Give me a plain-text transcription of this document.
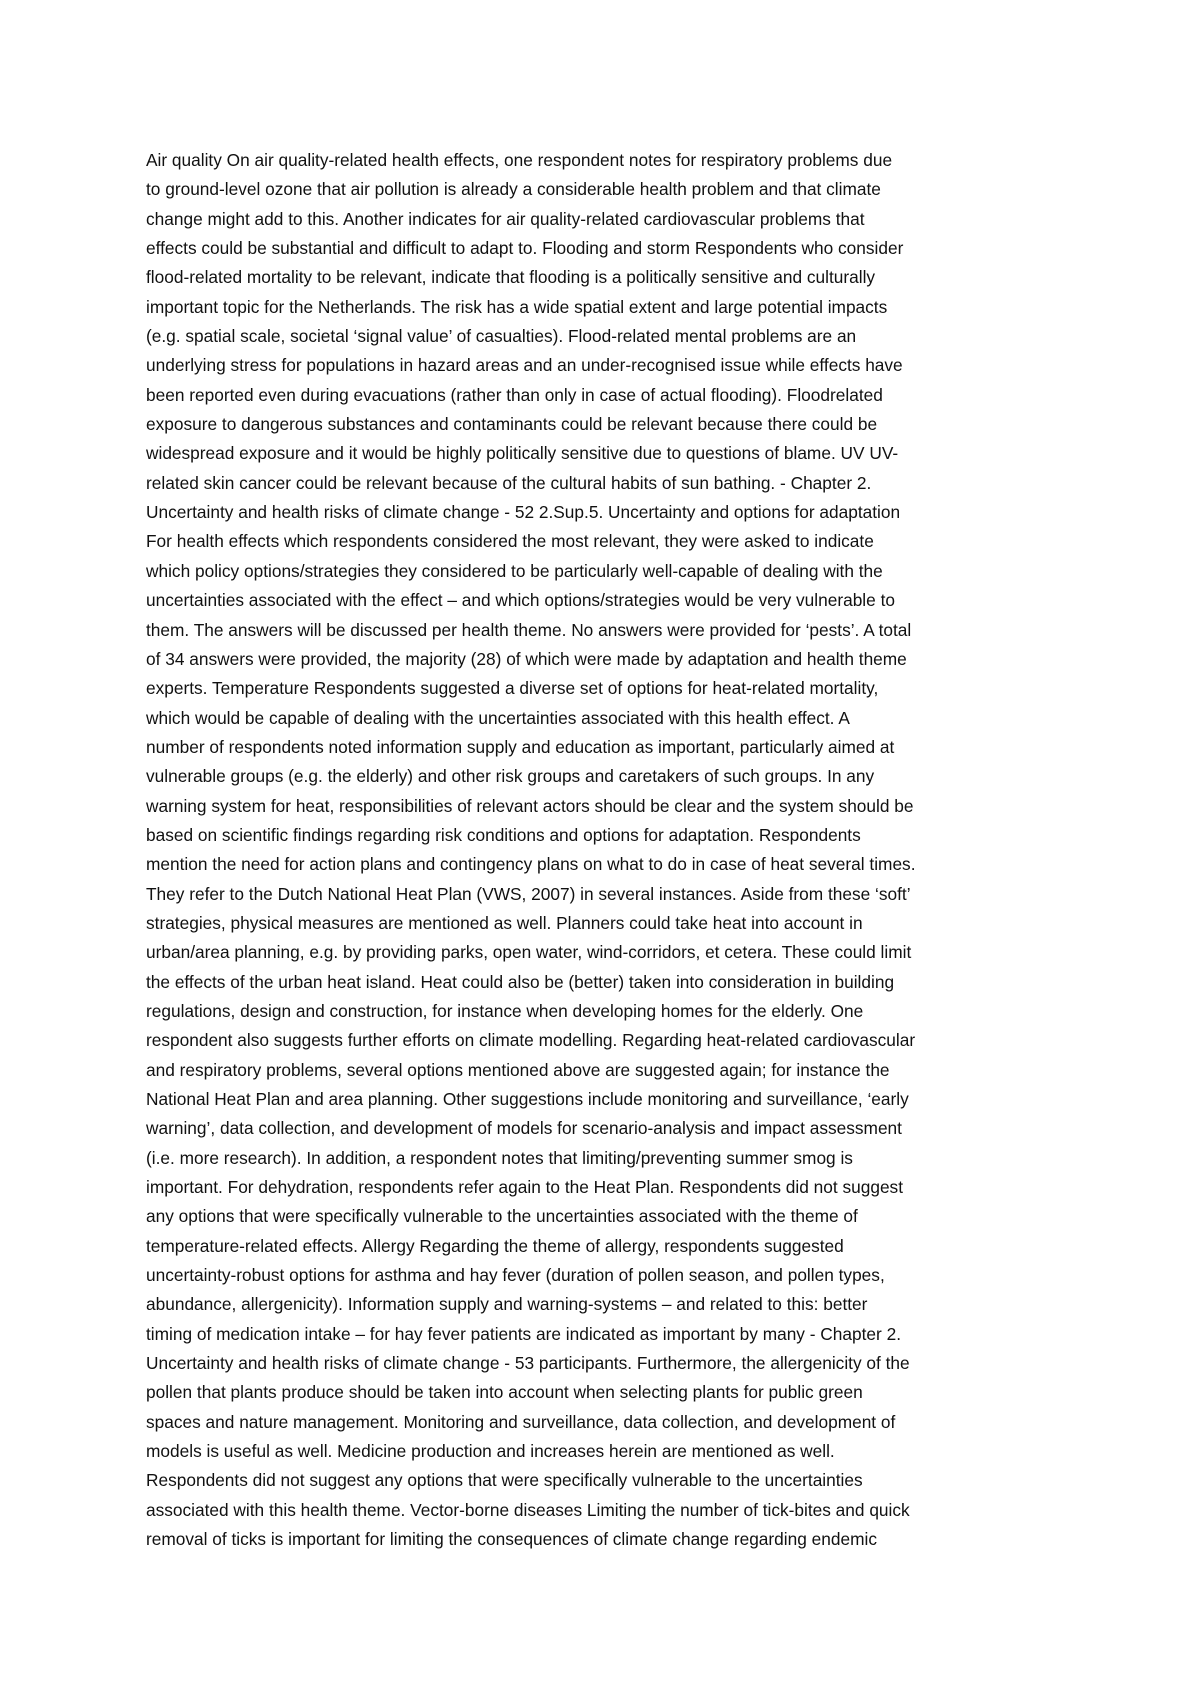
Air quality On air quality-related health effects, one respondent notes for respiratory problems due
to ground-level ozone that air pollution is already a considerable health problem and that climate
change might add to this. Another indicates for air quality-related cardiovascular problems that
effects could be substantial and difficult to adapt to. Flooding and storm Respondents who consider
flood-related mortality to be relevant, indicate that flooding is a politically sensitive and culturally
important topic for the Netherlands. The risk has a wide spatial extent and large potential impacts
(e.g. spatial scale, societal ‘signal value’ of casualties). Flood-related mental problems are an
underlying stress for populations in hazard areas and an under-recognised issue while effects have
been reported even during evacuations (rather than only in case of actual flooding). Floodrelated
exposure to dangerous substances and contaminants could be relevant because there could be
widespread exposure and it would be highly politically sensitive due to questions of blame. UV UV-
related skin cancer could be relevant because of the cultural habits of sun bathing. - Chapter 2.
Uncertainty and health risks of climate change - 52 2.Sup.5. Uncertainty and options for adaptation
For health effects which respondents considered the most relevant, they were asked to indicate
which policy options/strategies they considered to be particularly well-capable of dealing with the
uncertainties associated with the effect – and which options/strategies would be very vulnerable to
them. The answers will be discussed per health theme. No answers were provided for ‘pests’. A total
of 34 answers were provided, the majority (28) of which were made by adaptation and health theme
experts. Temperature Respondents suggested a diverse set of options for heat-related mortality,
which would be capable of dealing with the uncertainties associated with this health effect. A
number of respondents noted information supply and education as important, particularly aimed at
vulnerable groups (e.g. the elderly) and other risk groups and caretakers of such groups. In any
warning system for heat, responsibilities of relevant actors should be clear and the system should be
based on scientific findings regarding risk conditions and options for adaptation. Respondents
mention the need for action plans and contingency plans on what to do in case of heat several times.
They refer to the Dutch National Heat Plan (VWS, 2007) in several instances. Aside from these ‘soft’
strategies, physical measures are mentioned as well. Planners could take heat into account in
urban/area planning, e.g. by providing parks, open water, wind-corridors, et cetera. These could limit
the effects of the urban heat island. Heat could also be (better) taken into consideration in building
regulations, design and construction, for instance when developing homes for the elderly. One
respondent also suggests further efforts on climate modelling. Regarding heat-related cardiovascular
and respiratory problems, several options mentioned above are suggested again; for instance the
National Heat Plan and area planning. Other suggestions include monitoring and surveillance, ‘early
warning’, data collection, and development of models for scenario-analysis and impact assessment
(i.e. more research). In addition, a respondent notes that limiting/preventing summer smog is
important. For dehydration, respondents refer again to the Heat Plan. Respondents did not suggest
any options that were specifically vulnerable to the uncertainties associated with the theme of
temperature-related effects. Allergy Regarding the theme of allergy, respondents suggested
uncertainty-robust options for asthma and hay fever (duration of pollen season, and pollen types,
abundance, allergenicity). Information supply and warning-systems – and related to this: better
timing of medication intake – for hay fever patients are indicated as important by many - Chapter 2.
Uncertainty and health risks of climate change - 53 participants. Furthermore, the allergenicity of the
pollen that plants produce should be taken into account when selecting plants for public green
spaces and nature management. Monitoring and surveillance, data collection, and development of
models is useful as well. Medicine production and increases herein are mentioned as well.
Respondents did not suggest any options that were specifically vulnerable to the uncertainties
associated with this health theme. Vector-borne diseases Limiting the number of tick-bites and quick
removal of ticks is important for limiting the consequences of climate change regarding endemic
